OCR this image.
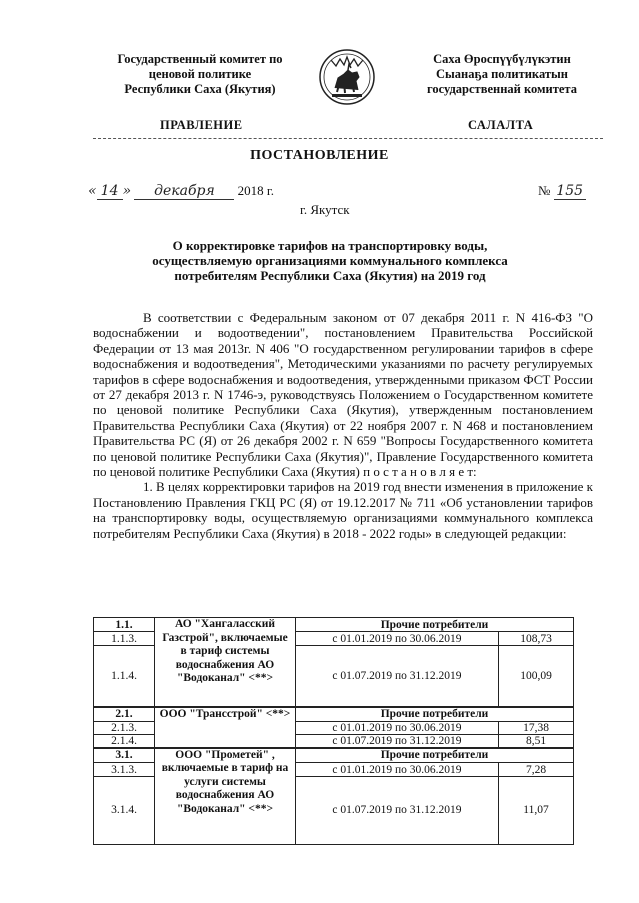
Государственный комитет по
ценовой политике
Республики Саха (Якутия)
Саха Өроспүүбүлүкэтин
Сыанаҕа политикатын
государственнай комитета
ПРАВЛЕНИЕ	САЛАЛТА
ПОСТАНОВЛЕНИЕ
« 14 » декабря 2018 г.	№ 155
г. Якутск
О корректировке тарифов на транспортировку воды,
осуществляемую организациями коммунального комплекса
потребителям Республики Саха (Якутия) на 2019 год

В соответствии с Федеральным законом от 07 декабря 2011 г. N 416-ФЗ "О водоснабжении и водоотведении", постановлением Правительства Российской Федерации от 13 мая 2013г. N 406 "О государственном регулировании тарифов в сфере водоснабжения и водоотведения", Методическими указаниями по расчету регулируемых тарифов в сфере водоснабжения и водоотведения, утвержденными приказом ФСТ России от 27 декабря 2013 г. N 1746-э, руководствуясь Положением о Государственном комитете по ценовой политике Республики Саха (Якутия), утвержденным постановлением Правительства Республики Саха (Якутия) от 22 ноября 2007 г. N 468 и постановлением Правительства РС (Я) от 26 декабря 2002 г. N 659 "Вопросы Государственного комитета по ценовой политике Республики Саха (Якутия)", Правление Государственного комитета по ценовой политике Республики Саха (Якутия) п о с т а н о в л я е т:

1. В целях корректировки тарифов на 2019 год внести изменения в приложение к Постановлению Правления ГКЦ РС (Я) от 19.12.2017 № 711 «Об установлении тарифов на транспортировку воды, осуществляемую организациями коммунального комплекса потребителям Республики Саха (Якутия) в 2018 - 2022 годы» в следующей редакции:

1.1.	АО "Хангаласский Газстрой", включаемые в тариф системы водоснабжения АО "Водоканал" <**>	Прочие потребители	
1.1.3.		с 01.01.2019 по 30.06.2019	108,73
1.1.4.		с 01.07.2019 по 31.12.2019	100,09
2.1.	ООО "Трансстрой" <**>	Прочие потребители	
2.1.3.		с 01.01.2019 по 30.06.2019	17,38
2.1.4.		с 01.07.2019 по 31.12.2019	8,51
3.1.	ООО "Прометей" , включаемые в тариф на услуги системы водоснабжения АО "Водоканал" <**>	Прочие потребители	
3.1.3.		с 01.01.2019 по 30.06.2019	7,28
3.1.4.		с 01.07.2019 по 31.12.2019	11,07
